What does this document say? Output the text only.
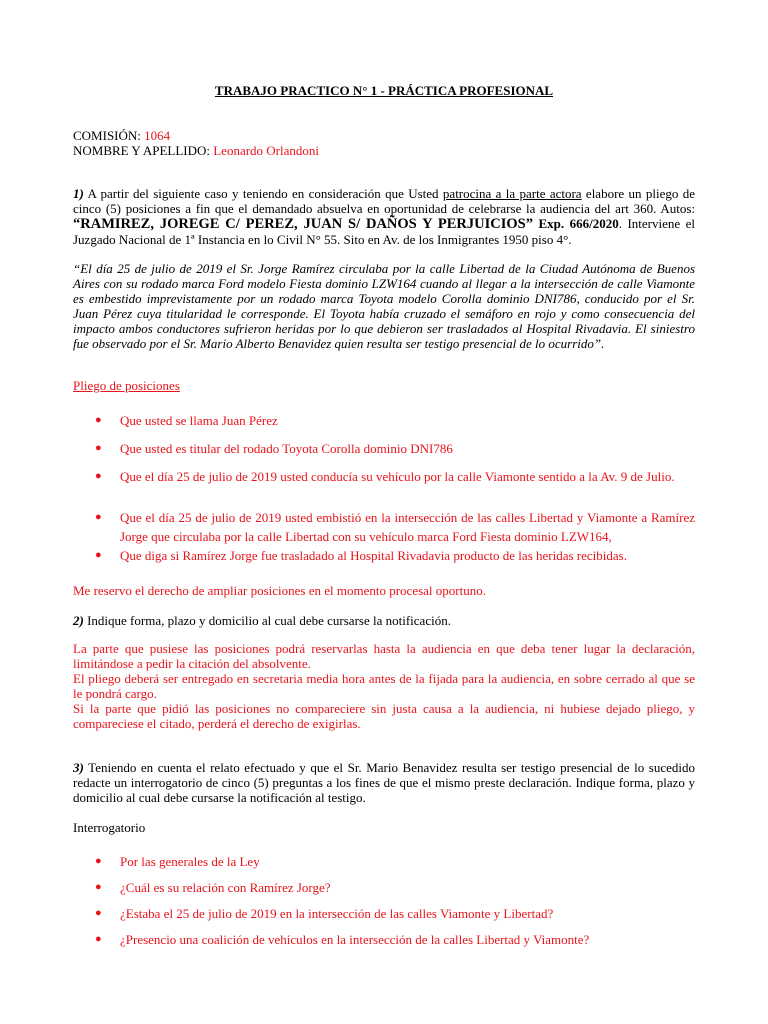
TRABAJO PRACTICO N° 1 - PRÁCTICA PROFESIONAL
COMISIÓN: 1064
NOMBRE Y APELLIDO: Leonardo Orlandoni
1) A partir del siguiente caso y teniendo en consideración que Usted patrocina a la parte actora elabore un pliego de cinco (5) posiciones a fin que el demandado absuelva en oportunidad de celebrarse la audiencia del art 360. Autos: “RAMIREZ, JOREGE C/ PEREZ, JUAN S/ DAÑOS Y PERJUICIOS” Exp. 666/2020. Interviene el Juzgado Nacional de 1ª Instancia en lo Civil N° 55. Sito en Av. de los Inmigrantes 1950 piso 4°.
“El día 25 de julio de 2019 el Sr. Jorge Ramírez circulaba por la calle Libertad de la Ciudad Autónoma de Buenos Aires con su rodado marca Ford modelo Fiesta dominio LZW164 cuando al llegar a la intersección de calle Viamonte es embestido imprevistamente por un rodado marca Toyota modelo Corolla dominio DNI786, conducido por el Sr. Juan Pérez cuya titularidad le corresponde. El Toyota había cruzado el semáforo en rojo y como consecuencia del impacto ambos conductores sufrieron heridas por lo que debieron ser trasladados al Hospital Rivadavia. El siniestro fue observado por el Sr. Mario Alberto Benavidez quien resulta ser testigo presencial de lo ocurrido”.
Pliego de posiciones
● Que usted se llama Juan Pérez
● Que usted es titular del rodado Toyota Corolla dominio DNI786
● Que el día 25 de julio de 2019 usted conducía su vehículo por la calle Viamonte sentido a la Av. 9 de Julio.
● Que el día 25 de julio de 2019 usted embistió en la intersección de las calles Libertad y Viamonte a Ramírez Jorge que circulaba por la calle Libertad con su vehículo marca Ford Fiesta dominio LZW164,
● Que diga si Ramírez Jorge fue trasladado al Hospital Rivadavia producto de las heridas recibidas.
Me reservo el derecho de ampliar posiciones en el momento procesal oportuno.
2) Indique forma, plazo y domicilio al cual debe cursarse la notificación.
La parte que pusiese las posiciones podrá reservarlas hasta la audiencia en que deba tener lugar la declaración, limitándose a pedir la citación del absolvente.
El pliego deberá ser entregado en secretaria media hora antes de la fijada para la audiencia, en sobre cerrado al que se le pondrá cargo.
Si la parte que pidió las posiciones no compareciere sin justa causa a la audiencia, ni hubiese dejado pliego, y compareciese el citado, perderá el derecho de exigirlas.
3) Teniendo en cuenta el relato efectuado y que el Sr. Mario Benavidez resulta ser testigo presencial de lo sucedido redacte un interrogatorio de cinco (5) preguntas a los fines de que el mismo preste declaración. Indique forma, plazo y domicilio al cual debe cursarse la notificación al testigo.
Interrogatorio
● Por las generales de la Ley
● ¿Cuál es su relación con Ramírez Jorge?
● ¿Estaba el 25 de julio de 2019 en la intersección de las calles Viamonte y Libertad?
● ¿Presencio una coalición de vehículos en la intersección de la calles Libertad y Viamonte?
